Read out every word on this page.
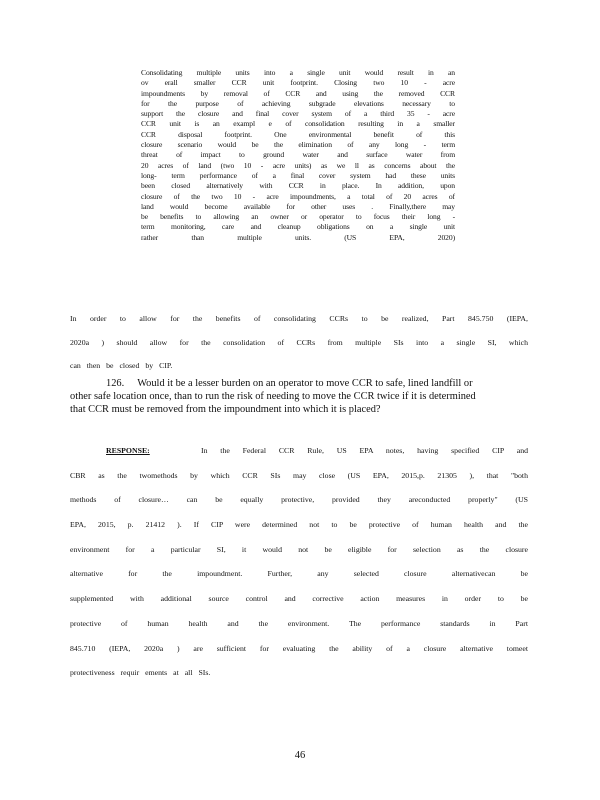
Consolidating multiple units into a single unit would result in an
ov erall smaller CCR unit footprint. Closing two 10 - acre
impoundments by removal of CCR and using the removed CCR
for the purpose of achieving subgrade elevations necessary to
support the closure and final cover system of a third 35 - acre
CCR unit is an exampl e of consolidation resulting in a smaller
CCR disposal footprint. One environmental benefit of this
closure scenario would be the elimination of any long - term
threat of impact to ground water and surface water from
20 acres of land (two 10 - acre units) as we ll as concerns about the
long- term performance of a final cover system had these units
been closed alternatively with CCR in place. In addition, upon
closure of the two 10 - acre impoundments, a total of 20 acres of
land would become available for other uses . Finally,there may
be benefits to allowing an owner or operator to focus their long -
term monitoring, care and cleanup obligations on a single unit
rather than multiple units. (US EPA, 2020)
In order to allow for the benefits of consolidating CCRs to be realized, Part 845.750 (IEPA,
2020a ) should allow for the consolidation of CCRs from multiple SIs into a single SI, which
can then be closed by CIP.
126. Would it be a lesser burden on an operator to move CCR to safe, lined landfill or
other safe location once, than to run the risk of needing to move the CCR twice if it is determined
that CCR must be removed from the impoundment into which it is placed?
RESPONSE:	In the Federal CCR Rule, US EPA notes, having specified CIP and
CBR as the twomethods by which CCR SIs may close (US EPA, 2015,p. 21305 ), that "both
methods of closure… can be equally protective, provided they areconducted properly" (US
EPA, 2015, p. 21412 ). If CIP were determined not to be protective of human health and the
environment for a particular SI, it would not be eligible for selection as the closure
alternative for the impoundment. Further, any selected closure alternativecan be
supplemented with additional source control and corrective action measures in order to be
protective of human health and the environment. The performance standards in Part
845.710 (IEPA, 2020a ) are sufficient for evaluating the ability of a closure alternative tomeet
protectiveness requir ements at all SIs.
46
